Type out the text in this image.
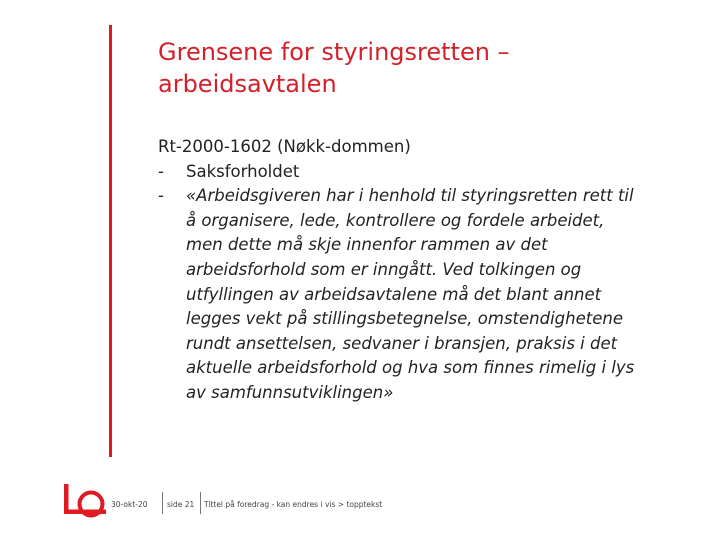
Grensene for styringsretten –
arbeidsavtalen
Rt-2000-1602 (Nøkk-dommen)
- Saksforholdet
- «Arbeidsgiveren har i henhold til styringsretten rett til
å organisere, lede, kontrollere og fordele arbeidet,
men dette må skje innenfor rammen av det
arbeidsforhold som er inngått. Ved tolkingen og
utfyllingen av arbeidsavtalene må det blant annet
legges vekt på stillingsbetegnelse, omstendighetene
rundt ansettelsen, sedvaner i bransjen, praksis i det
aktuelle arbeidsforhold og hva som finnes rimelig i lys
av samfunnsutviklingen»
30-okt-20	side 21 Tittel på foredrag - kan endres i vis > topptekst
